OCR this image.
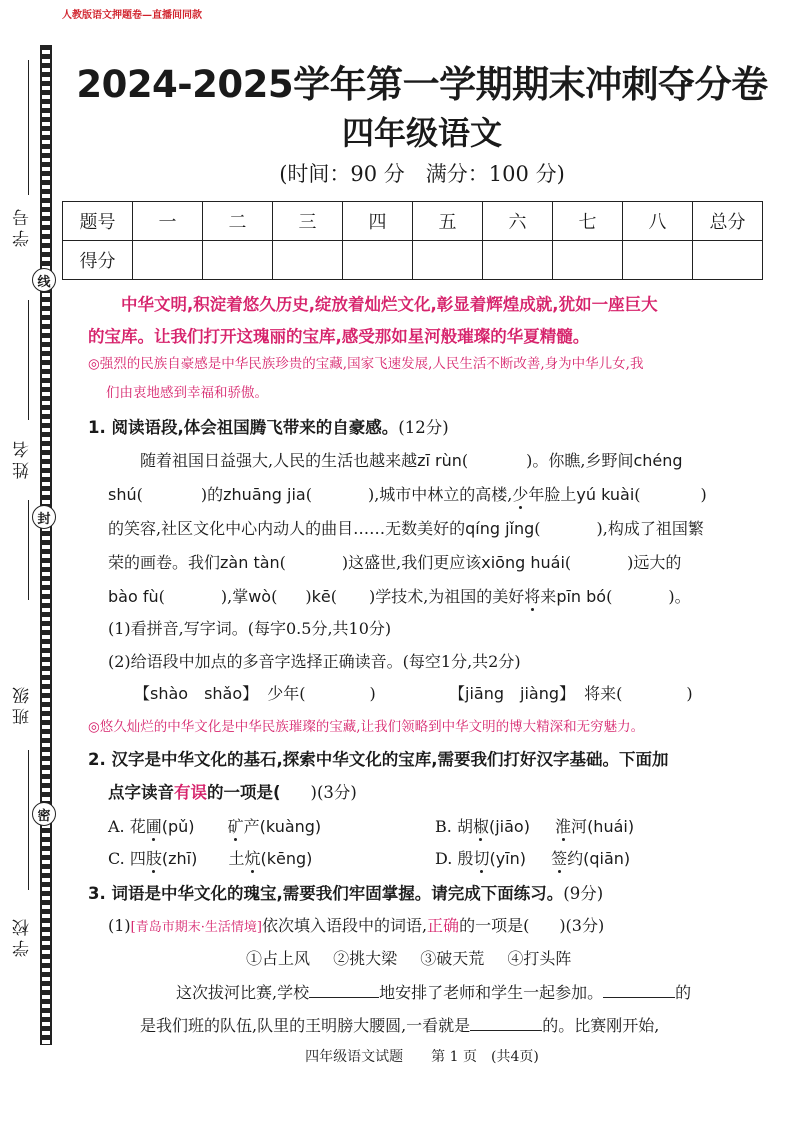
人教版语文押题卷—直播间同款
学号
线
姓名
封
班级
密
学校
2024-2025学年第一学期期末冲刺夺分卷
四年级语文
(时间：90 分　满分：100 分)
题号	一	二	三	四	五	六	七	八	总分
得分									
中华文明,积淀着悠久历史,绽放着灿烂文化,彰显着辉煌成就,犹如一座巨大
的宝库。让我们打开这瑰丽的宝库,感受那如星河般璀璨的华夏精髓。
◎强烈的民族自豪感是中华民族珍贵的宝藏,国家飞速发展,人民生活不断改善,身为中华儿女,我
们由衷地感到幸福和骄傲。
1. 阅读语段,体会祖国腾飞带来的自豪感。(12分)
随着祖国日益强大,人民的生活也越来越zī rùn(	)。你瞧,乡野间chéng
shú(	)的zhuāng jia(	),城市中林立的高楼,少年脸上yú kuài(	)
的笑容,社区文化中心内动人的曲目……无数美好的qíng jǐng(	),构成了祖国繁
荣的画卷。我们zàn tàn(	)这盛世,我们更应该xiōng huái(	)远大的
bào fù(	),掌wò( )kē( )学技术,为祖国的美好将来pīn bó(	)。
(1)看拼音,写字词。(每字0.5分,共10分)
(2)给语段中加点的多音字选择正确读音。(每空1分,共2分)
【shào　shǎo】 少年(	)	【jiāng　jiàng】 将来(	)
◎悠久灿烂的中华文化是中华民族璀璨的宝藏,让我们领略到中华文明的博大精深和无穷魅力。
2. 汉字是中华文化的基石,探索中华文化的宝库,需要我们打好汉字基础。下面加
点字读音有误的一项是( )(3分)
A. 花圃(pǔ) 矿产(kuàng)	B. 胡椒(jiāo) 淮河(huái)
C. 四肢(zhī) 土炕(kēng)	D. 殷切(yīn) 签约(qiān)
3. 词语是中华文化的瑰宝,需要我们牢固掌握。请完成下面练习。(9分)
(1)[青岛市期末·生活情境]依次填入语段中的词语,正确的一项是( )(3分)
①占上风 ②挑大梁 ③破天荒 ④打头阵
这次拔河比赛,学校	地安排了老师和学生一起参加。	的
是我们班的队伍,队里的王明膀大腰圆,一看就是	的。比赛刚开始,
四年级语文试题　　第 1 页　(共4页)
